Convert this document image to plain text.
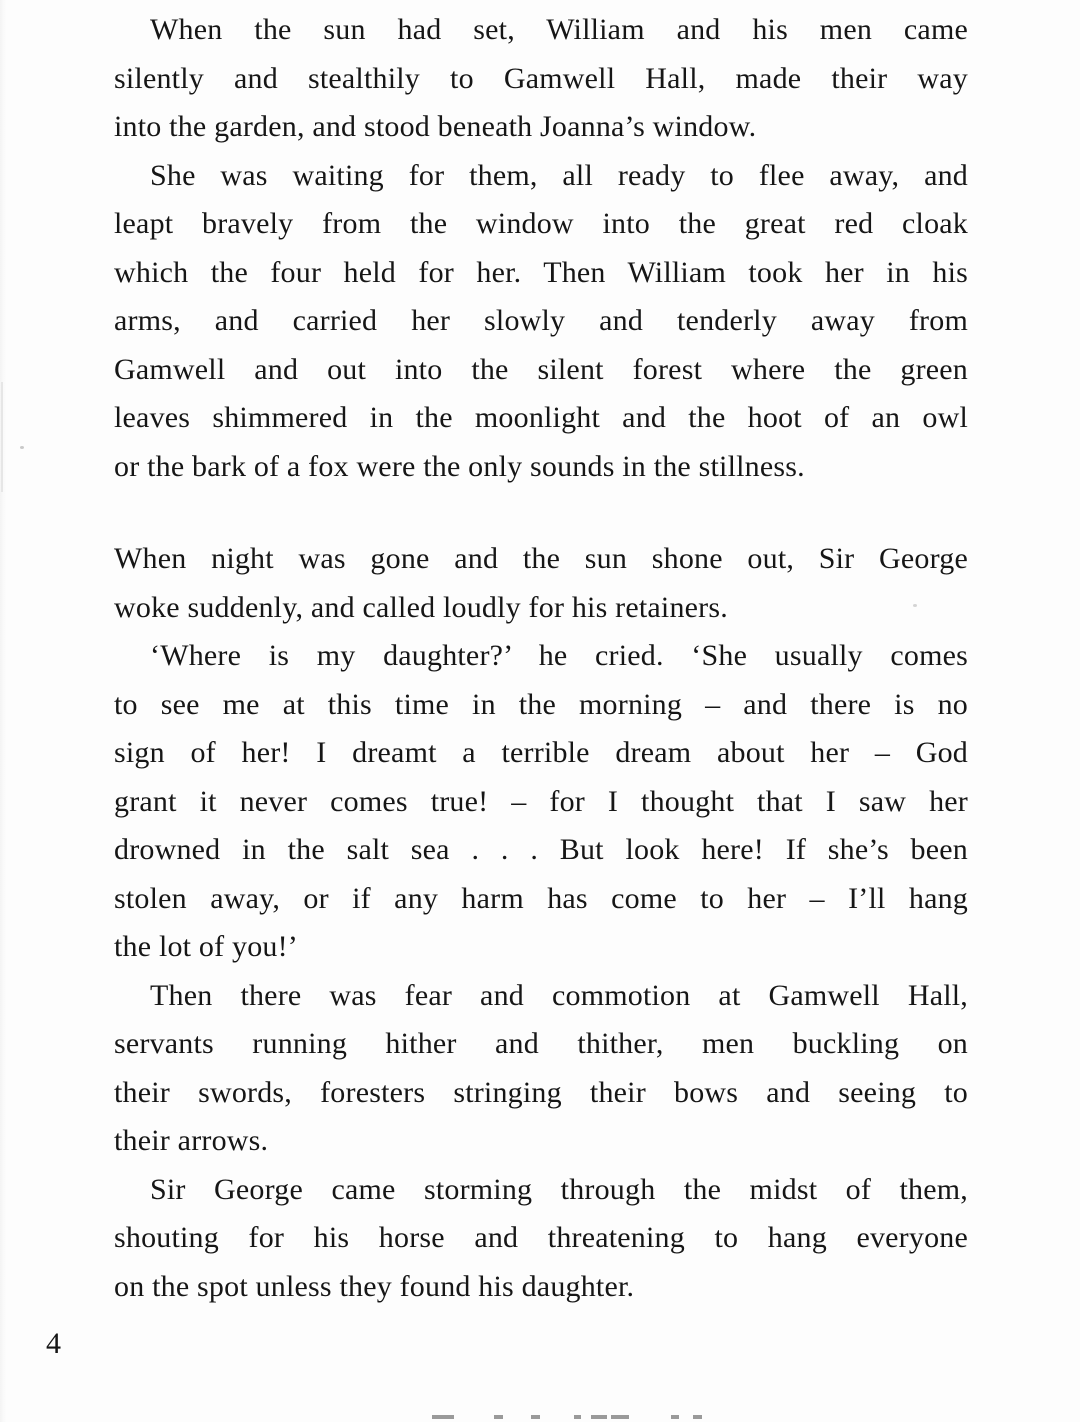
When the sun had set, William and his men came
silently and stealthily to Gamwell Hall, made their way
into the garden, and stood beneath Joanna’s window.
She was waiting for them, all ready to flee away, and
leapt bravely from the window into the great red cloak
which the four held for her. Then William took her in his
arms, and carried her slowly and tenderly away from
Gamwell and out into the silent forest where the green
leaves shimmered in the moonlight and the hoot of an owl
or the bark of a fox were the only sounds in the stillness.
When night was gone and the sun shone out, Sir George
woke suddenly, and called loudly for his retainers.
‘Where is my daughter?’ he cried. ‘She usually comes
to see me at this time in the morning – and there is no
sign of her! I dreamt a terrible dream about her – God
grant it never comes true! – for I thought that I saw her
drowned in the salt sea . . . But look here! If she’s been
stolen away, or if any harm has come to her – I’ll hang
the lot of you!’
Then there was fear and commotion at Gamwell Hall,
servants running hither and thither, men buckling on
their swords, foresters stringing their bows and seeing to
their arrows.
Sir George came storming through the midst of them,
shouting for his horse and threatening to hang everyone
on the spot unless they found his daughter.
4
